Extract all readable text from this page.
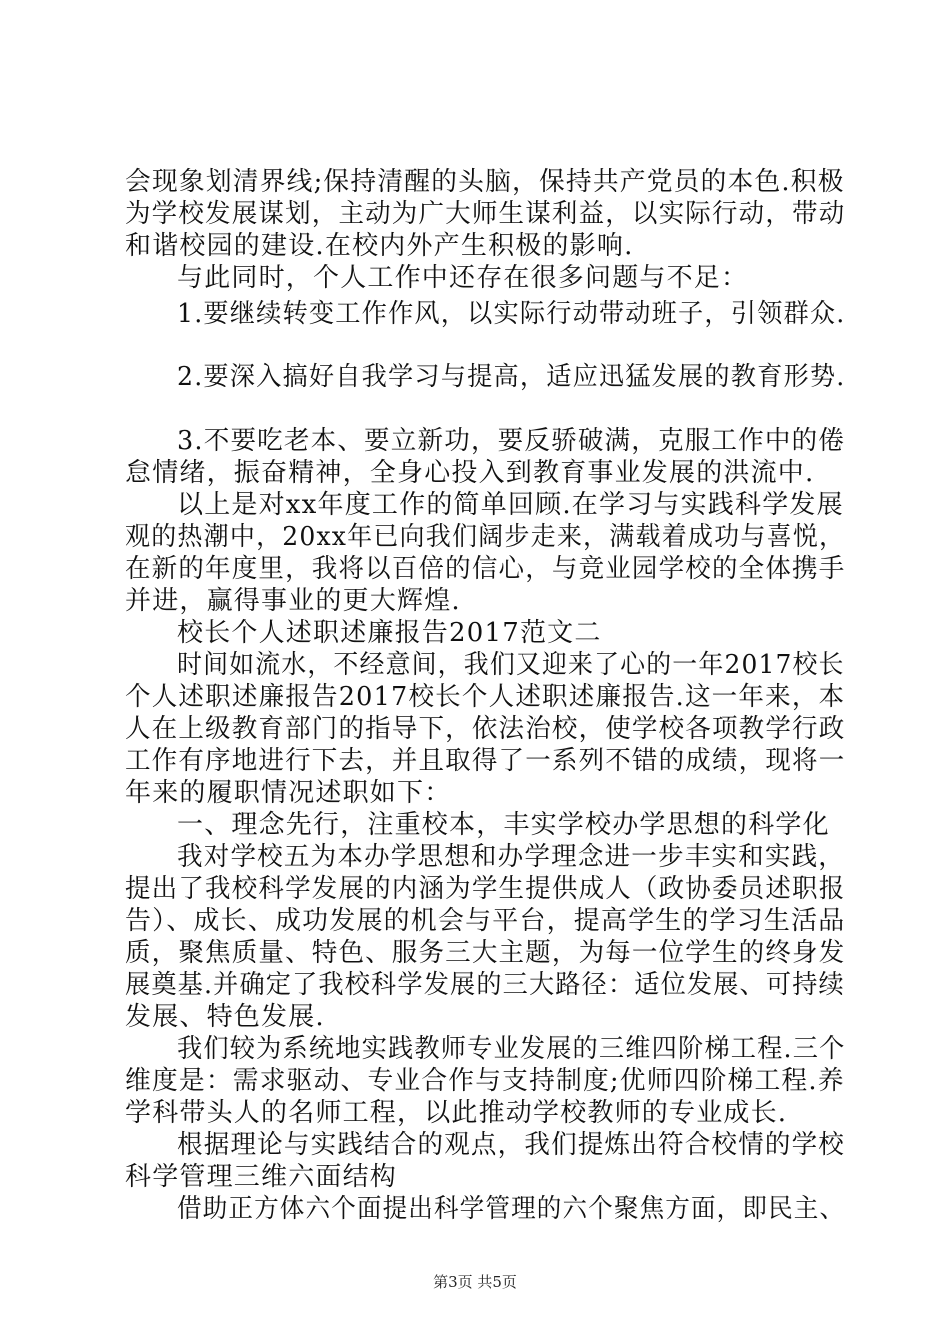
会现象划清界线;保持清醒的头脑，保持共产党员的本色.积极
为学校发展谋划，主动为广大师生谋利益，以实际行动，带动
和谐校园的建设.在校内外产生积极的影响.
与此同时，个人工作中还存在很多问题与不足：
1.要继续转变工作作风，以实际行动带动班子，引领群众.
2.要深入搞好自我学习与提高，适应迅猛发展的教育形势.
3.不要吃老本、要立新功，要反骄破满，克服工作中的倦
怠情绪，振奋精神，全身心投入到教育事业发展的洪流中.
以上是对xx年度工作的简单回顾.在学习与实践科学发展
观的热潮中，20xx年已向我们阔步走来，满载着成功与喜悦，
在新的年度里，我将以百倍的信心，与竞业园学校的全体携手
并进，赢得事业的更大辉煌.
校长个人述职述廉报告2017范文二
时间如流水，不经意间，我们又迎来了心的一年2017校长
个人述职述廉报告2017校长个人述职述廉报告.这一年来，本
人在上级教育部门的指导下，依法治校，使学校各项教学行政
工作有序地进行下去，并且取得了一系列不错的成绩，现将一
年来的履职情况述职如下：
一、理念先行，注重校本，丰实学校办学思想的科学化
我对学校五为本办学思想和办学理念进一步丰实和实践，
提出了我校科学发展的内涵为学生提供成人（政协委员述职报
告）、成长、成功发展的机会与平台，提高学生的学习生活品
质，聚焦质量、特色、服务三大主题，为每一位学生的终身发
展奠基.并确定了我校科学发展的三大路径：适位发展、可持续
发展、特色发展.
我们较为系统地实践教师专业发展的三维四阶梯工程.三个
维度是：需求驱动、专业合作与支持制度;优师四阶梯工程.养
学科带头人的名师工程，以此推动学校教师的专业成长.
根据理论与实践结合的观点，我们提炼出符合校情的学校
科学管理三维六面结构
借助正方体六个面提出科学管理的六个聚焦方面，即民主、
第3页 共5页
